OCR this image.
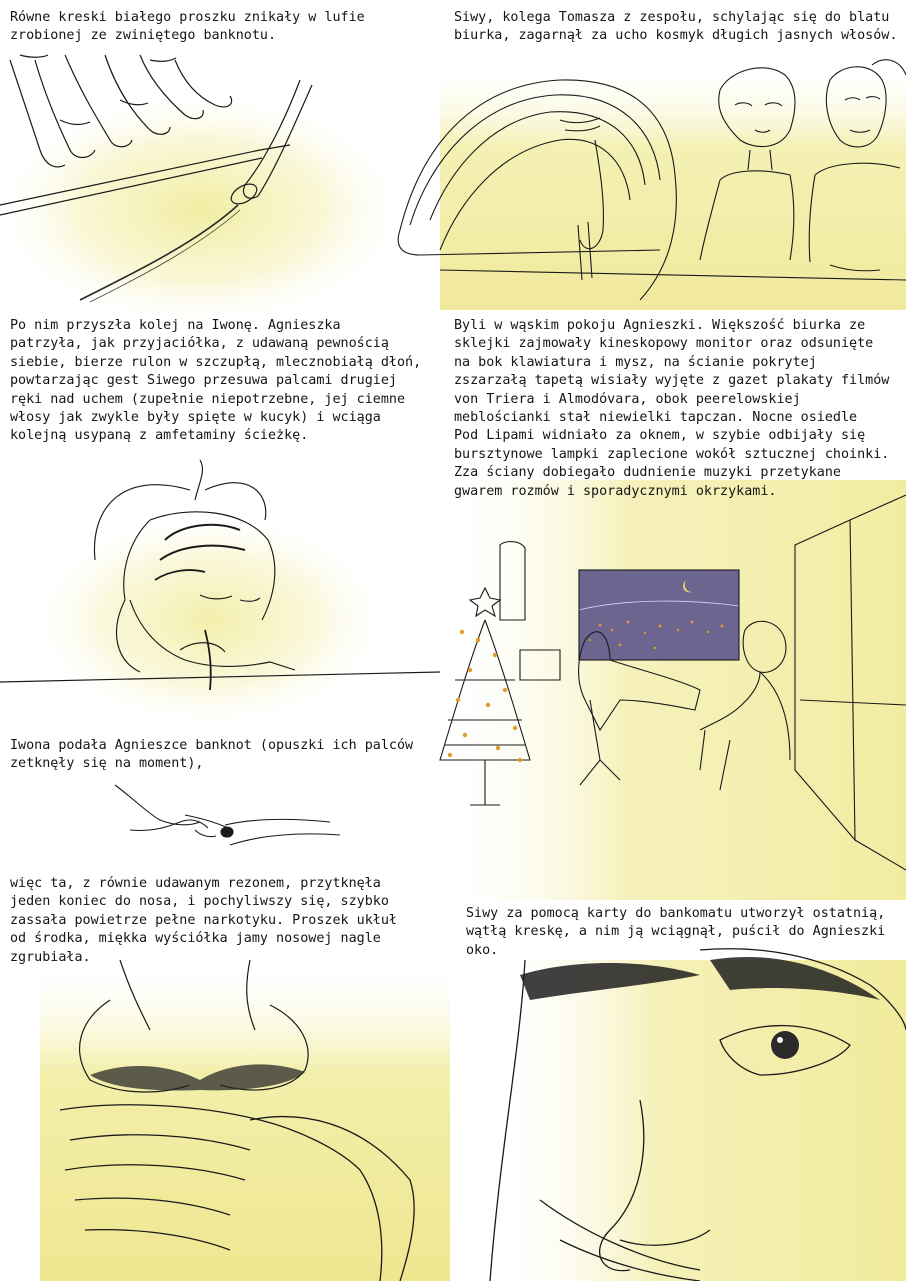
Równe kreski białego proszku znikały w lufie
zrobionej ze zwiniętego banknotu.
Siwy, kolega Tomasza z zespołu, schylając się do blatu
biurka, zagarnął za ucho kosmyk długich jasnych włosów.
Po nim przyszła kolej na Iwonę. Agnieszka
patrzyła, jak przyjaciółka, z udawaną pewnością
siebie, bierze rulon w szczupłą, mlecznobiałą dłoń,
powtarzając gest Siwego przesuwa palcami drugiej
ręki nad uchem (zupełnie niepotrzebne, jej ciemne
włosy jak zwykle były spięte w kucyk) i wciąga
kolejną usypaną z amfetaminy ścieżkę.
Byli w wąskim pokoju Agnieszki. Większość biurka ze
sklejki zajmowały kineskopowy monitor oraz odsunięte
na bok klawiatura i mysz, na ścianie pokrytej
zszarzałą tapetą wisiały wyjęte z gazet plakaty filmów
von Triera i Almodóvara, obok peerelowskiej
meblościanki stał niewielki tapczan. Nocne osiedle
Pod Lipami widniało za oknem, w szybie odbijały się
bursztynowe lampki zaplecione wokół sztucznej choinki.
Zza ściany dobiegało dudnienie muzyki przetykane
gwarem rozmów i sporadycznymi okrzykami.
Iwona podała Agnieszce banknot (opuszki ich palców
zetknęły się na moment),
więc ta, z równie udawanym rezonem, przytknęła
jeden koniec do nosa, i pochyliwszy się, szybko
zassała powietrze pełne narkotyku. Proszek ukłuł
od środka, miękka wyściółka jamy nosowej nagle
zgrubiała.
Siwy za pomocą karty do bankomatu utworzył ostatnią,
wątłą kreskę, a nim ją wciągnął, puścił do Agnieszki
oko.
